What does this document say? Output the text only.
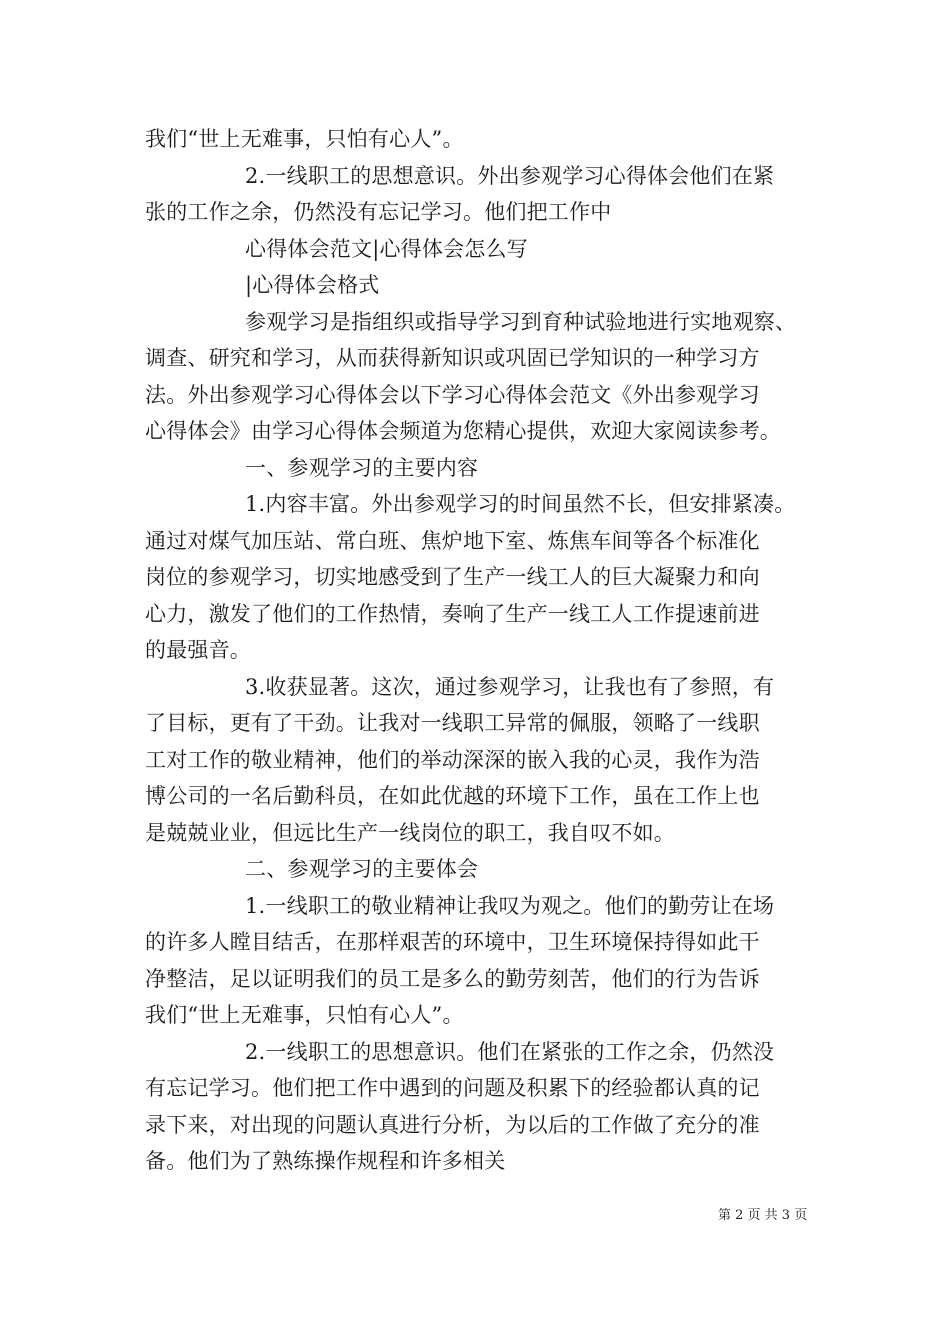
我们“世上无难事，只怕有心人”。
2.一线职工的思想意识。外出参观学习心得体会他们在紧
张的工作之余，仍然没有忘记学习。他们把工作中
心得体会范文|心得体会怎么写
|心得体会格式
参观学习是指组织或指导学习到育种试验地进行实地观察、
调查、研究和学习，从而获得新知识或巩固已学知识的一种学习方
法。外出参观学习心得体会以下学习心得体会范文《外出参观学习
心得体会》由学习心得体会频道为您精心提供，欢迎大家阅读参考。
一、参观学习的主要内容
1.内容丰富。外出参观学习的时间虽然不长，但安排紧凑。
通过对煤气加压站、常白班、焦炉地下室、炼焦车间等各个标准化
岗位的参观学习，切实地感受到了生产一线工人的巨大凝聚力和向
心力，激发了他们的工作热情，奏响了生产一线工人工作提速前进
的最强音。
3.收获显著。这次，通过参观学习，让我也有了参照，有
了目标，更有了干劲。让我对一线职工异常的佩服，领略了一线职
工对工作的敬业精神，他们的举动深深的嵌入我的心灵，我作为浩
博公司的一名后勤科员，在如此优越的环境下工作，虽在工作上也
是兢兢业业，但远比生产一线岗位的职工，我自叹不如。
二、参观学习的主要体会
1.一线职工的敬业精神让我叹为观之。他们的勤劳让在场
的许多人瞠目结舌，在那样艰苦的环境中，卫生环境保持得如此干
净整洁，足以证明我们的员工是多么的勤劳刻苦，他们的行为告诉
我们“世上无难事，只怕有心人”。
2.一线职工的思想意识。他们在紧张的工作之余，仍然没
有忘记学习。他们把工作中遇到的问题及积累下的经验都认真的记
录下来，对出现的问题认真进行分析，为以后的工作做了充分的准
备。他们为了熟练操作规程和许多相关
第 2 页 共 3 页
